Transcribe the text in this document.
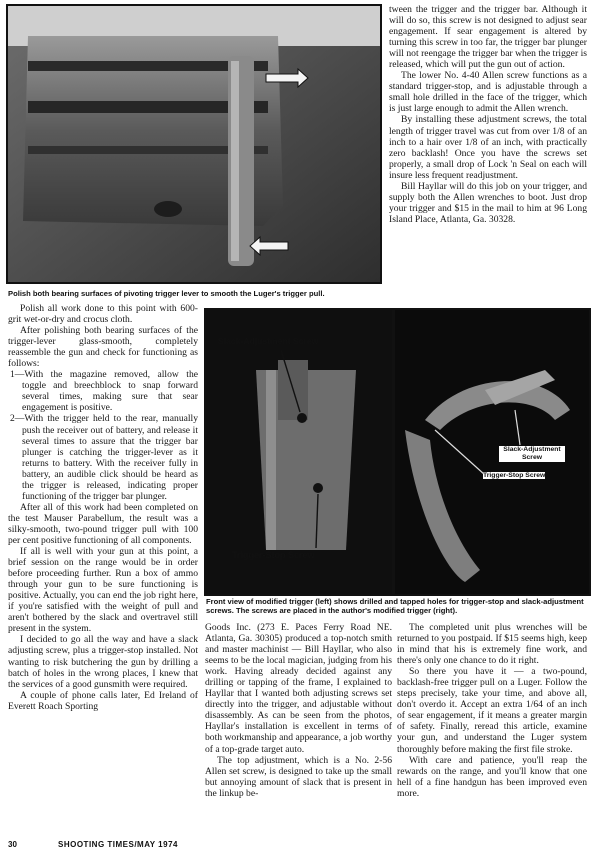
Polish both bearing surfaces of pivoting trigger lever to smooth the Luger's trigger pull.

tween the trigger and the trigger bar. Although it will do so, this screw is not designed to adjust sear engagement. If sear engagement is altered by turning this screw in too far, the trigger bar plunger will not reengage the trigger bar when the trigger is released, which will put the gun out of action.

The lower No. 4-40 Allen screw functions as a standard trigger-stop, and is adjustable through a small hole drilled in the face of the trigger, which is just large enough to admit the Allen wrench.

By installing these adjustment screws, the total length of trigger travel was cut from over 1/8 of an inch to a hair over 1/8 of an inch, with practically zero backlash! Once you have the screws set properly, a small drop of Lock 'n Seal on each will insure less frequent readjustment.

Bill Hayllar will do this job on your trigger, and supply both the Allen wrenches to boot. Just drop your trigger and $15 in the mail to him at 96 Long Island Place, Atlanta, Ga. 30328.

Polish all work done to this point with 600-grit wet-or-dry and crocus cloth.

After polishing both bearing surfaces of the trigger-lever glass-smooth, completely reassemble the gun and check for functioning as follows:

1—With the magazine removed, allow the toggle and breechblock to snap forward several times, making sure that sear engagement is positive.

2—With the trigger held to the rear, manually push the receiver out of battery, and release it several times to assure that the trigger bar plunger is catching the trigger-lever as it returns to battery. With the receiver fully in battery, an audible click should be heard as the trigger is released, indicating proper functioning of the trigger bar plunger.

After all of this work had been completed on the test Mauser Parabellum, the result was a silky-smooth, two-pound trigger pull with 100 per cent positive functioning of all components.

If all is well with your gun at this point, a brief session on the range would be in order before proceeding further. Run a box of ammo through your gun to be sure functioning is positive. Actually, you can end the job right here, if you're satisfied with the weight of pull and aren't bothered by the slack and overtravel still present in the system.

I decided to go all the way and have a slack adjusting screw, plus a trigger-stop installed. Not wanting to risk butchering the gun by drilling a batch of holes in the wrong places, I knew that the services of a good gunsmith were required.

A couple of phone calls later, Ed Ireland of Everett Roach Sporting

Slack-Adjustment Screw
Trigger-Stop Screw
Slack-Adjustment Screw
Trigger-Stop Screw
Front view of modified trigger (left) shows drilled and tapped holes for trigger-stop and slack-adjustment screws. The screws are placed in the author's modified trigger (right).

Goods Inc. (273 E. Paces Ferry Road NE. Atlanta, Ga. 30305) produced a top-notch smith and master machinist — Bill Hayllar, who also seems to be the local magician, judging from his work. Having already decided against any drilling or tapping of the frame, I explained to Hayllar that I wanted both adjusting screws set directly into the trigger, and adjustable without disassembly. As can be seen from the photos, Hayllar's installation is excellent in terms of both workmanship and appearance, a job worthy of a top-grade target auto.

The top adjustment, which is a No. 2-56 Allen set screw, is designed to take up the small but annoying amount of slack that is present in the linkup be-

The completed unit plus wrenches will be returned to you postpaid. If $15 seems high, keep in mind that his is extremely fine work, and there's only one chance to do it right.

So there you have it — a two-pound, backlash-free trigger pull on a Luger. Follow the steps precisely, take your time, and above all, don't overdo it. Accept an extra 1/64 of an inch of sear engagement, if it means a greater margin of safety. Finally, reread this article, examine your gun, and understand the Luger system thoroughly before making the first file stroke.

With care and patience, you'll reap the rewards on the range, and you'll know that one hell of a fine handgun has been improved even more.

30	SHOOTING TIMES/MAY 1974
